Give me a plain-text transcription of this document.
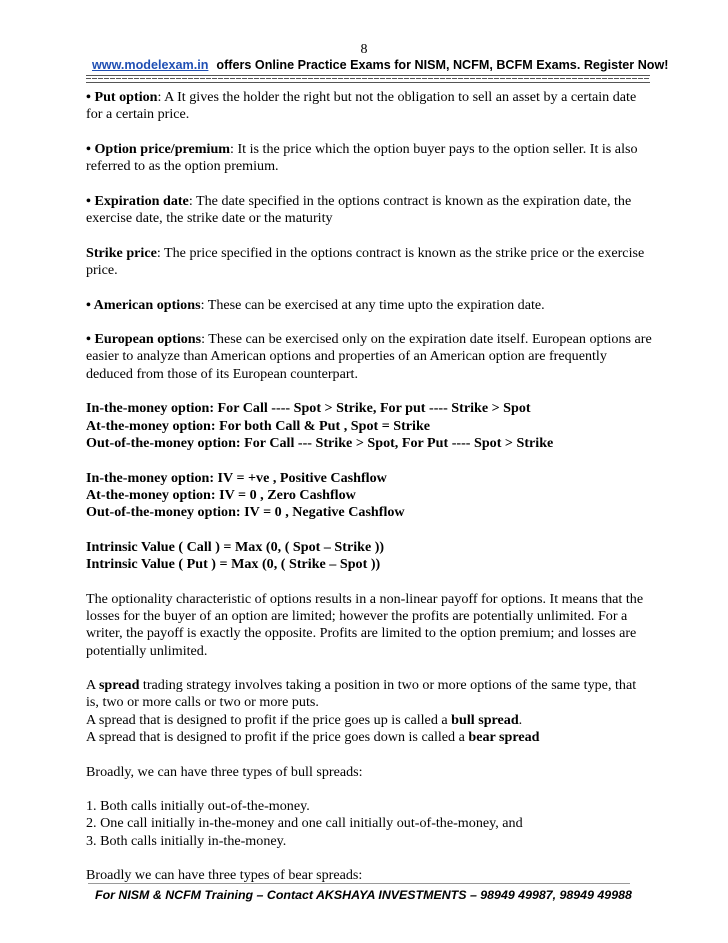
8
www.modelexam.in offers Online Practice Exams for NISM, NCFM, BCFM Exams. Register Now!

• Put option: A It gives the holder the right but not the obligation to sell an asset by a certain date for a certain price.

• Option price/premium: It is the price which the option buyer pays to the option seller. It is also referred to as the option premium.

• Expiration date: The date specified in the options contract is known as the expiration date, the exercise date, the strike date or the maturity

Strike price: The price specified in the options contract is known as the strike price or the exercise price.

• American options: These can be exercised at any time upto the expiration date.

• European options: These can be exercised only on the expiration date itself. European options are easier to analyze than American options and properties of an American option are frequently deduced from those of its European counterpart.

In-the-money option: For Call ---- Spot > Strike, For put ---- Strike > Spot
At-the-money option: For both Call & Put , Spot = Strike
Out-of-the-money option: For Call --- Strike > Spot, For Put ---- Spot > Strike

In-the-money option: IV = +ve , Positive Cashflow
At-the-money option: IV = 0 , Zero Cashflow
Out-of-the-money option: IV = 0 , Negative Cashflow

Intrinsic Value ( Call ) = Max (0, ( Spot – Strike ))
Intrinsic Value ( Put ) = Max (0, ( Strike – Spot ))

The optionality characteristic of options results in a non-linear payoff for options. It means that the losses for the buyer of an option are limited; however the profits are potentially unlimited. For a writer, the payoff is exactly the opposite. Profits are limited to the option premium; and losses are potentially unlimited.

A spread trading strategy involves taking a position in two or more options of the same type, that is, two or more calls or two or more puts.
A spread that is designed to profit if the price goes up is called a bull spread.
A spread that is designed to profit if the price goes down is called a bear spread

Broadly, we can have three types of bull spreads:

1. Both calls initially out-of-the-money.
2. One call initially in-the-money and one call initially out-of-the-money, and
3. Both calls initially in-the-money.

Broadly we can have three types of bear spreads:

For NISM & NCFM Training – Contact AKSHAYA INVESTMENTS – 98949 49987, 98949 49988
